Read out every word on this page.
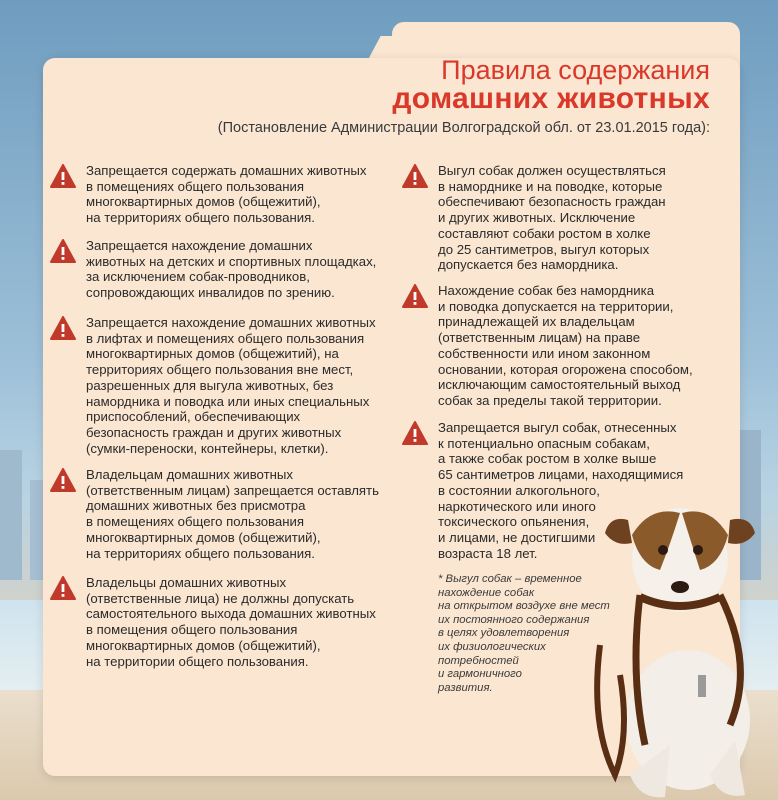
Правила содержания
домашних животных
(Постановление Администрации Волгоградской обл. от 23.01.2015 года):
Запрещается содержать домашних животных
в помещениях общего пользования
многоквартирных домов (общежитий),
на территориях общего пользования.
Запрещается нахождение домашних
животных на детских и спортивных площадках,
за исключением собак-проводников,
сопровождающих инвалидов по зрению.
Запрещается нахождение домашних животных
в лифтах и помещениях общего пользования
многоквартирных домов (общежитий), на
территориях общего пользования вне мест,
разрешенных для выгула животных, без
намордника и поводка или иных специальных
приспособлений, обеспечивающих
безопасность граждан и других животных
(сумки-переноски, контейнеры, клетки).
Владельцам домашних животных
(ответственным лицам) запрещается оставлять
домашних животных без присмотра
в помещениях общего пользования
многоквартирных домов (общежитий),
на территориях общего пользования.
Владельцы домашних животных
(ответственные лица) не должны допускать
самостоятельного выхода домашних животных
в помещения общего пользования
многоквартирных домов (общежитий),
на территории общего пользования.
Выгул собак должен осуществляться
в наморднике и на поводке, которые
обеспечивают безопасность граждан
и других животных. Исключение
составляют собаки ростом в холке
до 25 сантиметров, выгул которых
допускается без намордника.
Нахождение собак без намордника
и поводка допускается на территории,
принадлежащей их владельцам
(ответственным лицам) на праве
собственности или ином законном
основании, которая огорожена способом,
исключающим самостоятельный выход
собак за пределы такой территории.
Запрещается выгул собак, отнесенных
к потенциально опасным собакам,
а также собак ростом в холке выше
65 сантиметров лицами, находящимися
в состоянии алкогольного,
наркотического или иного
токсического опьянения,
и лицами, не достигшими
возраста 18 лет.
* Выгул собак – временное
нахождение собак
на открытом воздухе вне мест
их постоянного содержания
в целях удовлетворения
их физиологических
потребностей
и гармоничного
развития.
